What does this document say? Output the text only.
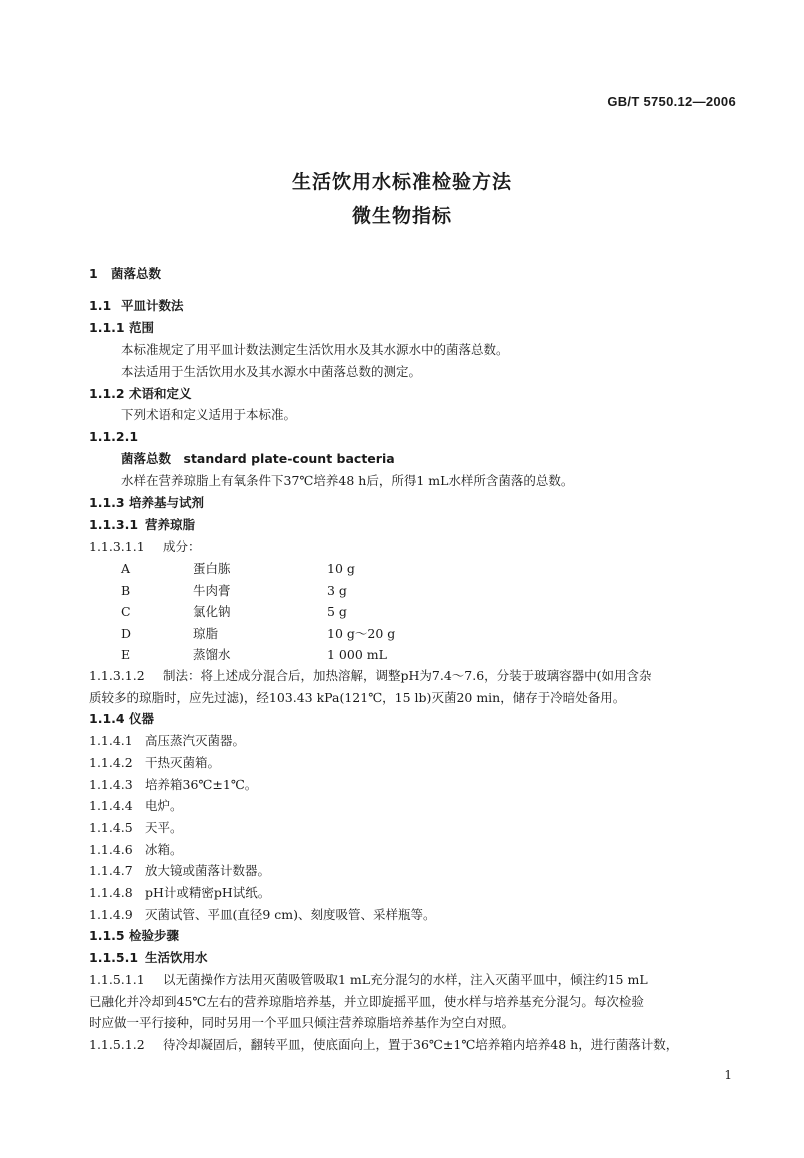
GB/T 5750.12—2006
生活饮用水标准检验方法
微生物指标
1 菌落总数
1.1 平皿计数法
1.1.1 范围
本标准规定了用平皿计数法测定生活饮用水及其水源水中的菌落总数。
本法适用于生活饮用水及其水源水中菌落总数的测定。
1.1.2 术语和定义
下列术语和定义适用于本标准。
1.1.2.1
菌落总数　standard plate-count bacteria
水样在营养琼脂上有氧条件下37℃培养48 h后，所得1 mL水样所含菌落的总数。
1.1.3 培养基与试剂
1.1.3.1 营养琼脂
1.1.3.1.1 成分：
A	蛋白胨	10 g
B	牛肉膏	3 g
C	氯化钠	5 g
D	琼脂	10 g～20 g
E	蒸馏水	1 000 mL
1.1.3.1.2 制法：将上述成分混合后，加热溶解，调整pH为7.4～7.6，分装于玻璃容器中(如用含杂
质较多的琼脂时，应先过滤)，经103.43 kPa(121℃，15 lb)灭菌20 min，储存于冷暗处备用。
1.1.4 仪器
1.1.4.1 高压蒸汽灭菌器。
1.1.4.2 干热灭菌箱。
1.1.4.3 培养箱36℃±1℃。
1.1.4.4 电炉。
1.1.4.5 天平。
1.1.4.6 冰箱。
1.1.4.7 放大镜或菌落计数器。
1.1.4.8 pH计或精密pH试纸。
1.1.4.9 灭菌试管、平皿(直径9 cm)、刻度吸管、采样瓶等。
1.1.5 检验步骤
1.1.5.1 生活饮用水
1.1.5.1.1 以无菌操作方法用灭菌吸管吸取1 mL充分混匀的水样，注入灭菌平皿中，倾注约15 mL
已融化并冷却到45℃左右的营养琼脂培养基，并立即旋摇平皿，使水样与培养基充分混匀。每次检验
时应做一平行接种，同时另用一个平皿只倾注营养琼脂培养基作为空白对照。
1.1.5.1.2 待冷却凝固后，翻转平皿，使底面向上，置于36℃±1℃培养箱内培养48 h，进行菌落计数，
1
